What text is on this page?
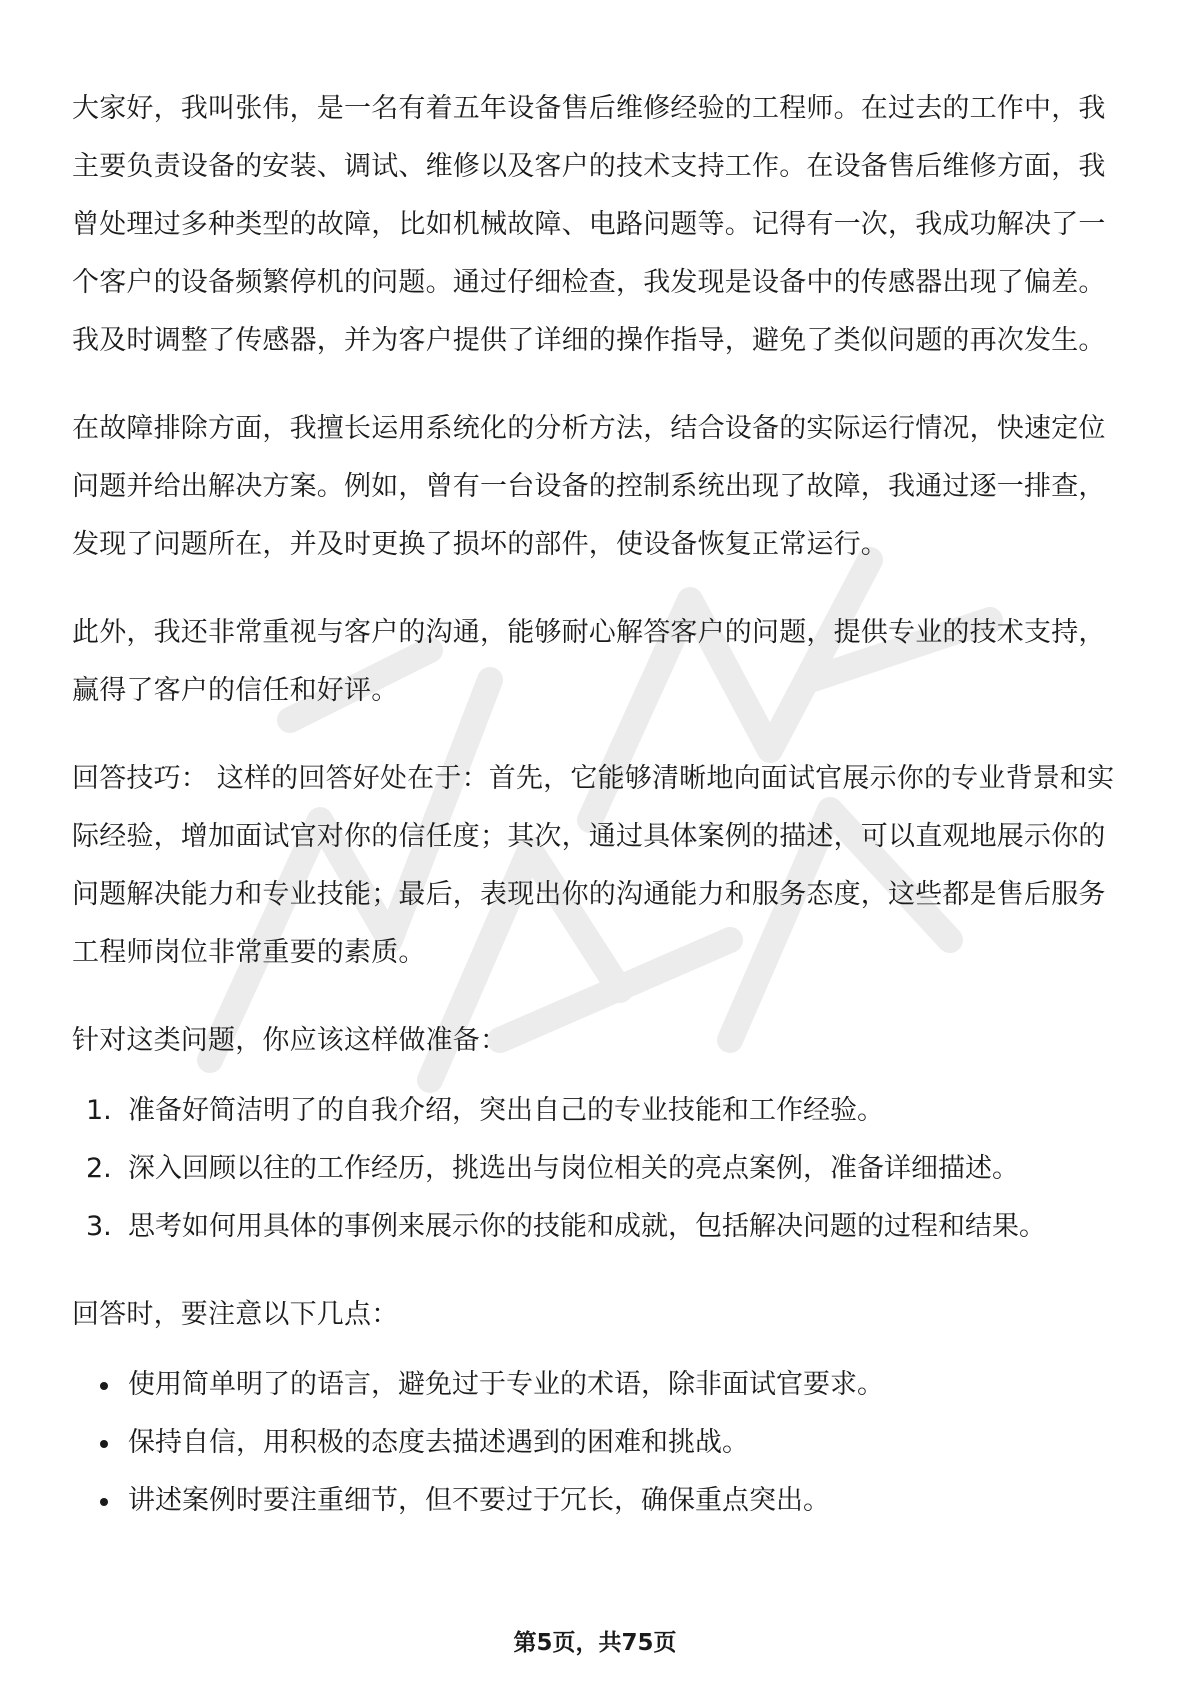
大家好，我叫张伟，是一名有着五年设备售后维修经验的工程师。在过去的工作中，我主要负责设备的安装、调试、维修以及客户的技术支持工作。在设备售后维修方面，我曾处理过多种类型的故障，比如机械故障、电路问题等。记得有一次，我成功解决了一个客户的设备频繁停机的问题。通过仔细检查，我发现是设备中的传感器出现了偏差。我及时调整了传感器，并为客户提供了详细的操作指导，避免了类似问题的再次发生。

在故障排除方面，我擅长运用系统化的分析方法，结合设备的实际运行情况，快速定位问题并给出解决方案。例如，曾有一台设备的控制系统出现了故障，我通过逐一排查，发现了问题所在，并及时更换了损坏的部件，使设备恢复正常运行。

此外，我还非常重视与客户的沟通，能够耐心解答客户的问题，提供专业的技术支持，赢得了客户的信任和好评。

回答技巧： 这样的回答好处在于：首先，它能够清晰地向面试官展示你的专业背景和实际经验，增加面试官对你的信任度；其次，通过具体案例的描述，可以直观地展示你的问题解决能力和专业技能；最后，表现出你的沟通能力和服务态度，这些都是售后服务工程师岗位非常重要的素质。

针对这类问题，你应该这样做准备：

1. 准备好简洁明了的自我介绍，突出自己的专业技能和工作经验。
2. 深入回顾以往的工作经历，挑选出与岗位相关的亮点案例，准备详细描述。
3. 思考如何用具体的事例来展示你的技能和成就，包括解决问题的过程和结果。

回答时，要注意以下几点：

使用简单明了的语言，避免过于专业的术语，除非面试官要求。
保持自信，用积极的态度去描述遇到的困难和挑战。
讲述案例时要注重细节，但不要过于冗长，确保重点突出。
第5页，共75页
